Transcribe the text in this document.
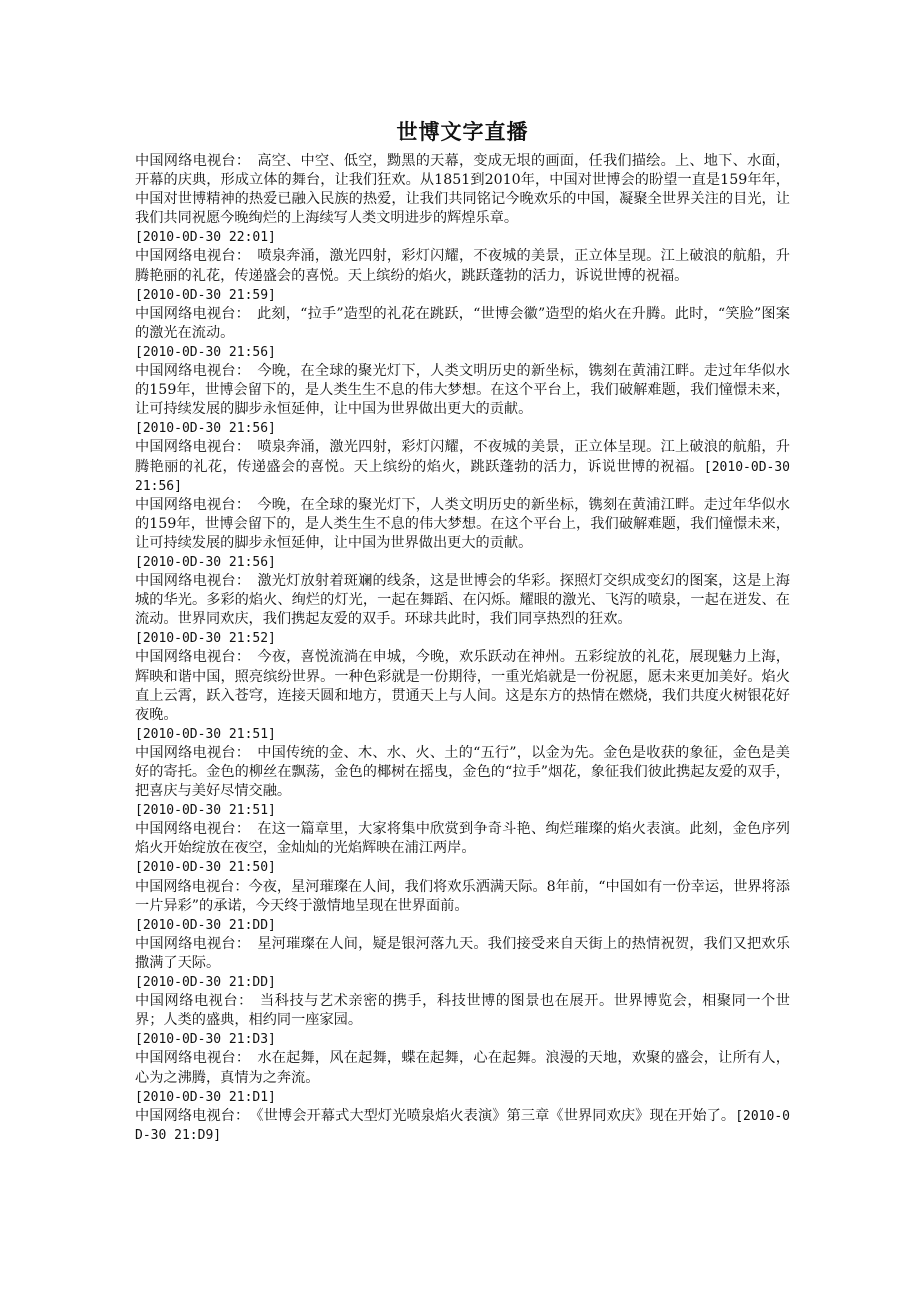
世博文字直播

中国网络电视台： 高空、中空、低空，黝黑的天幕，变成无垠的画面，任我们描绘。上、地下、水面，开幕的庆典，形成立体的舞台，让我们狂欢。从1851到2010年，中国对世博会的盼望一直是159年年，中国对世博精神的热爱已融入民族的热爱，让我们共同铭记今晚欢乐的中国，凝聚全世界关注的目光，让我们共同祝愿今晚绚烂的上海续写人类文明进步的辉煌乐章。

[2010-0D-30 22:01]

中国网络电视台： 喷泉奔涌，激光四射，彩灯闪耀，不夜城的美景，正立体呈现。江上破浪的航船，升腾艳丽的礼花，传递盛会的喜悦。天上缤纷的焰火，跳跃蓬勃的活力，诉说世博的祝福。

[2010-0D-30 21:59]

中国网络电视台： 此刻，“拉手”造型的礼花在跳跃，“世博会徽”造型的焰火在升腾。此时，“笑脸”图案的激光在流动。

[2010-0D-30 21:56]

中国网络电视台： 今晚，在全球的聚光灯下，人类文明历史的新坐标，镌刻在黄浦江畔。走过年华似水的159年，世博会留下的，是人类生生不息的伟大梦想。在这个平台上，我们破解难题，我们憧憬未来，让可持续发展的脚步永恒延伸，让中国为世界做出更大的贡献。

[2010-0D-30 21:56]

中国网络电视台： 喷泉奔涌，激光四射，彩灯闪耀，不夜城的美景，正立体呈现。江上破浪的航船，升腾艳丽的礼花，传递盛会的喜悦。天上缤纷的焰火，跳跃蓬勃的活力，诉说世博的祝福。[2010-0D-30 21:56]

中国网络电视台： 今晚，在全球的聚光灯下，人类文明历史的新坐标，镌刻在黄浦江畔。走过年华似水的159年，世博会留下的，是人类生生不息的伟大梦想。在这个平台上，我们破解难题，我们憧憬未来，让可持续发展的脚步永恒延伸，让中国为世界做出更大的贡献。

[2010-0D-30 21:56]

中国网络电视台： 激光灯放射着斑斓的线条，这是世博会的华彩。探照灯交织成变幻的图案，这是上海城的华光。多彩的焰火、绚烂的灯光，一起在舞蹈、在闪烁。耀眼的激光、飞泻的喷泉，一起在迸发、在流动。世界同欢庆，我们携起友爱的双手。环球共此时，我们同享热烈的狂欢。

[2010-0D-30 21:52]

中国网络电视台： 今夜，喜悦流淌在申城，今晚，欢乐跃动在神州。五彩绽放的礼花，展现魅力上海，辉映和谐中国，照亮缤纷世界。一种色彩就是一份期待，一重光焰就是一份祝愿，愿未来更加美好。焰火直上云霄，跃入苍穹，连接天圆和地方，贯通天上与人间。这是东方的热情在燃烧，我们共度火树银花好夜晚。

[2010-0D-30 21:51]

中国网络电视台： 中国传统的金、木、水、火、土的“五行”，以金为先。金色是收获的象征，金色是美好的寄托。金色的柳丝在飘荡，金色的椰树在摇曳，金色的“拉手”烟花，象征我们彼此携起友爱的双手，把喜庆与美好尽情交融。

[2010-0D-30 21:51]

中国网络电视台： 在这一篇章里，大家将集中欣赏到争奇斗艳、绚烂璀璨的焰火表演。此刻，金色序列焰火开始绽放在夜空，金灿灿的光焰辉映在浦江两岸。

[2010-0D-30 21:50]

中国网络电视台：今夜，星河璀璨在人间，我们将欢乐洒满天际。8年前，“中国如有一份幸运，世界将添一片异彩”的承诺，今天终于激情地呈现在世界面前。

[2010-0D-30 21:DD]

中国网络电视台： 星河璀璨在人间，疑是银河落九天。我们接受来自天街上的热情祝贺，我们又把欢乐撒满了天际。

[2010-0D-30 21:DD]

中国网络电视台： 当科技与艺术亲密的携手，科技世博的图景也在展开。世界博览会，相聚同一个世界；人类的盛典，相约同一座家园。

[2010-0D-30 21:D3]

中国网络电视台： 水在起舞，风在起舞，蝶在起舞，心在起舞。浪漫的天地，欢聚的盛会，让所有人，心为之沸腾，真情为之奔流。

[2010-0D-30 21:D1]

中国网络电视台： 《世博会开幕式大型灯光喷泉焰火表演》第三章《世界同欢庆》现在开始了。[2010-0D-30 21:D9]
